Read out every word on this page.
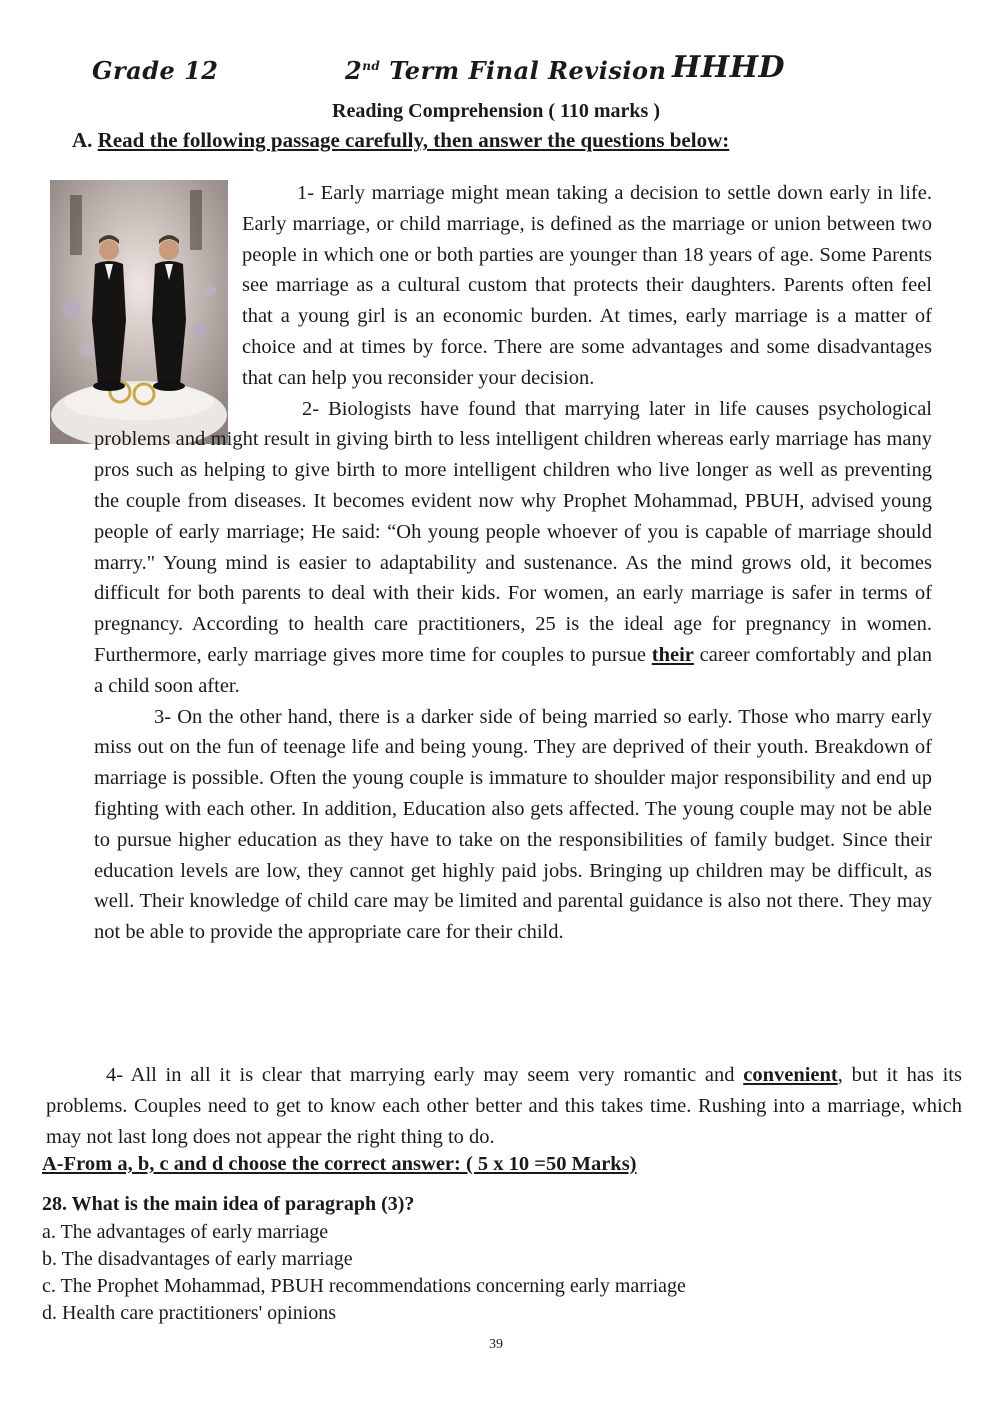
Grade 12	2nd Term Final Revision HHHD
Reading Comprehension ( 110 marks )
A. Read the following passage carefully, then answer the questions below:

1- Early marriage might mean taking a decision to settle down early in life. Early marriage, or child marriage, is defined as the marriage or union between two people in which one or both parties are younger than 18 years of age. Some Parents see marriage as a cultural custom that protects their daughters. Parents often feel that a young girl is an economic burden. At times, early marriage is a matter of choice and at times by force. There are some advantages and some disadvantages that can help you reconsider your decision.

2- Biologists have found that marrying later in life causes psychological problems and might result in giving birth to less intelligent children whereas early marriage has many pros such as helping to give birth to more intelligent children who live longer as well as preventing the couple from diseases. It becomes evident now why Prophet Mohammad, PBUH, advised young people of early marriage; He said: “Oh young people whoever of you is capable of marriage should marry." Young mind is easier to adaptability and sustenance. As the mind grows old, it becomes difficult for both parents to deal with their kids. For women, an early marriage is safer in terms of pregnancy. According to health care practitioners, 25 is the ideal age for pregnancy in women. Furthermore, early marriage gives more time for couples to pursue their career comfortably and plan a child soon after.

3- On the other hand, there is a darker side of being married so early. Those who marry early miss out on the fun of teenage life and being young. They are deprived of their youth. Breakdown of marriage is possible. Often the young couple is immature to shoulder major responsibility and end up fighting with each other. In addition, Education also gets affected. The young couple may not be able to pursue higher education as they have to take on the responsibilities of family budget. Since their education levels are low, they cannot get highly paid jobs. Bringing up children may be difficult, as well. Their knowledge of child care may be limited and parental guidance is also not there. They may not be able to provide the appropriate care for their child.

4- All in all it is clear that marrying early may seem very romantic and convenient, but it has its problems. Couples need to get to know each other better and this takes time. Rushing into a marriage, which may not last long does not appear the right thing to do.

A-From a, b, c and d choose the correct answer: ( 5 x 10 =50 Marks)
28. What is the main idea of paragraph (3)?
a. The advantages of early marriage
b. The disadvantages of early marriage
c. The Prophet Mohammad, PBUH recommendations concerning early marriage
d. Health care practitioners' opinions
39
